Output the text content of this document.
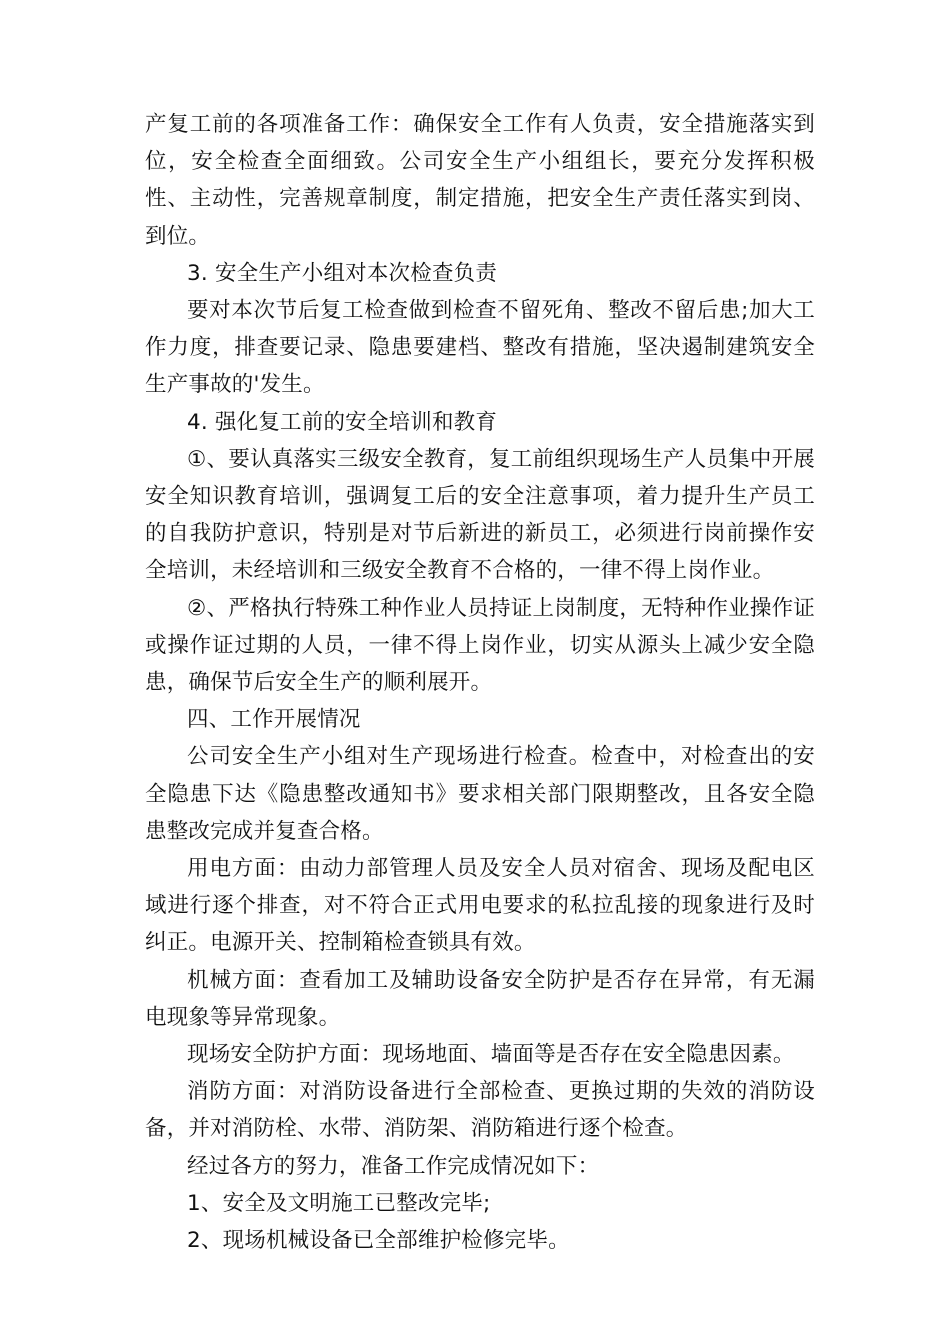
产复工前的各项准备工作：确保安全工作有人负责，安全措施落实到位，安全检查全面细致。公司安全生产小组组长，要充分发挥积极性、主动性，完善规章制度，制定措施，把安全生产责任落实到岗、到位。

3. 安全生产小组对本次检查负责

要对本次节后复工检查做到检查不留死角、整改不留后患;加大工作力度，排查要记录、隐患要建档、整改有措施，坚决遏制建筑安全生产事故的'发生。

4. 强化复工前的安全培训和教育

①、要认真落实三级安全教育，复工前组织现场生产人员集中开展安全知识教育培训，强调复工后的安全注意事项，着力提升生产员工的自我防护意识，特别是对节后新进的新员工，必须进行岗前操作安全培训，未经培训和三级安全教育不合格的，一律不得上岗作业。

②、严格执行特殊工种作业人员持证上岗制度，无特种作业操作证或操作证过期的人员，一律不得上岗作业，切实从源头上减少安全隐患，确保节后安全生产的顺利展开。

四、工作开展情况

公司安全生产小组对生产现场进行检查。检查中，对检查出的安全隐患下达《隐患整改通知书》要求相关部门限期整改，且各安全隐患整改完成并复查合格。

用电方面：由动力部管理人员及安全人员对宿舍、现场及配电区域进行逐个排查，对不符合正式用电要求的私拉乱接的现象进行及时纠正。电源开关、控制箱检查锁具有效。

机械方面：查看加工及辅助设备安全防护是否存在异常，有无漏电现象等异常现象。

现场安全防护方面：现场地面、墙面等是否存在安全隐患因素。

消防方面：对消防设备进行全部检查、更换过期的失效的消防设备，并对消防栓、水带、消防架、消防箱进行逐个检查。

经过各方的努力，准备工作完成情况如下：

1、安全及文明施工已整改完毕;

2、现场机械设备已全部维护检修完毕。
